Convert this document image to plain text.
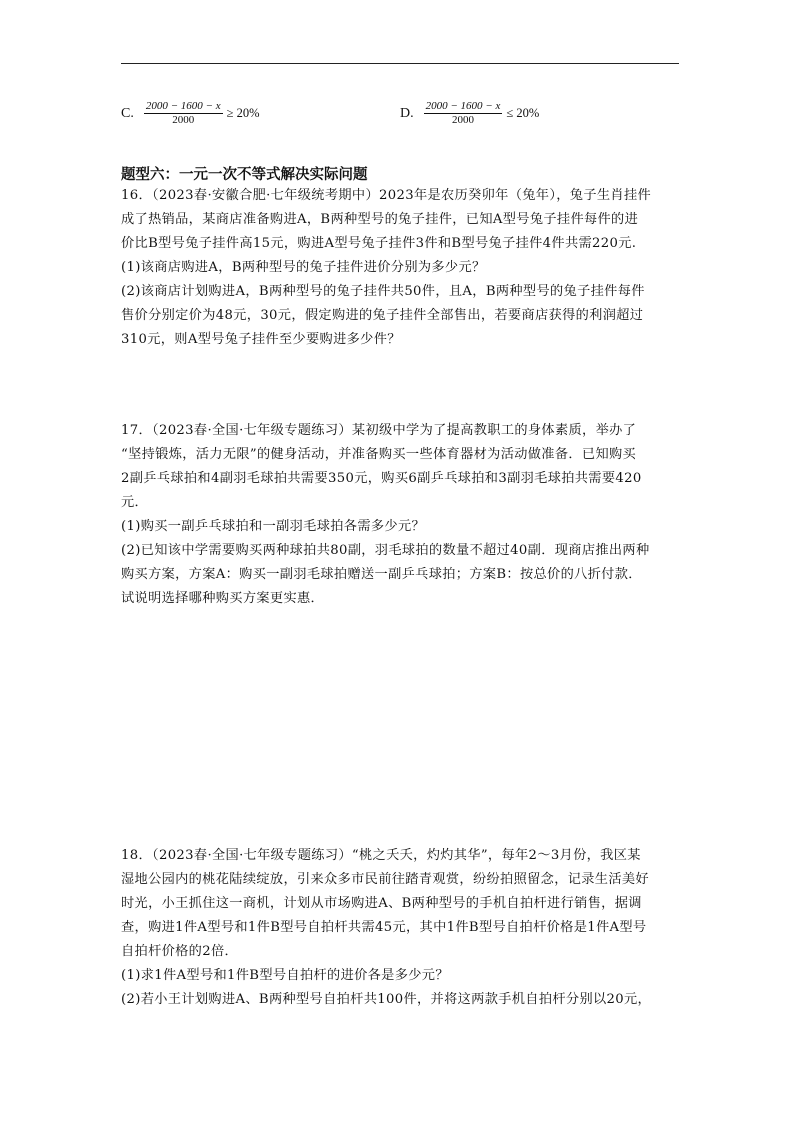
C. $\frac{2000 - 1600 - x}{2000} \ge 20\%$	D. $\frac{2000 - 1600 - x}{2000} \le 20\%$
题型六：一元一次不等式解决实际问题
16．（2023春·安徽合肥·七年级统考期中）2023年是农历癸卯年（兔年），兔子生肖挂件
成了热销品，某商店准备购进A，B两种型号的兔子挂件，已知A型号兔子挂件每件的进
价比B型号兔子挂件高15元，购进A型号兔子挂件3件和B型号兔子挂件4件共需220元.
(1)该商店购进A，B两种型号的兔子挂件进价分别为多少元？
(2)该商店计划购进A，B两种型号的兔子挂件共50件，且A，B两种型号的兔子挂件每件
售价分别定价为48元，30元，假定购进的兔子挂件全部售出，若要商店获得的利润超过
310元，则A型号兔子挂件至少要购进多少件？
17．（2023春·全国·七年级专题练习）某初级中学为了提高教职工的身体素质，举办了
“坚持锻炼，活力无限”的健身活动，并准备购买一些体育器材为活动做准备．已知购买
2副乒乓球拍和4副羽毛球拍共需要350元，购买6副乒乓球拍和3副羽毛球拍共需要420
元．
(1)购买一副乒乓球拍和一副羽毛球拍各需多少元？
(2)已知该中学需要购买两种球拍共80副，羽毛球拍的数量不超过40副．现商店推出两种
购买方案，方案A：购买一副羽毛球拍赠送一副乒乓球拍；方案B：按总价的八折付款．
试说明选择哪种购买方案更实惠．
18．（2023春·全国·七年级专题练习）“桃之夭夭，灼灼其华”，每年2～3月份，我区某
湿地公园内的桃花陆续绽放，引来众多市民前往踏青观赏，纷纷拍照留念，记录生活美好
时光，小王抓住这一商机，计划从市场购进A、B两种型号的手机自拍杆进行销售，据调
查，购进1件A型号和1件B型号自拍杆共需45元，其中1件B型号自拍杆价格是1件A型号
自拍杆价格的2倍．
(1)求1件A型号和1件B型号自拍杆的进价各是多少元？
(2)若小王计划购进A、B两种型号自拍杆共100件，并将这两款手机自拍杆分别以20元，
